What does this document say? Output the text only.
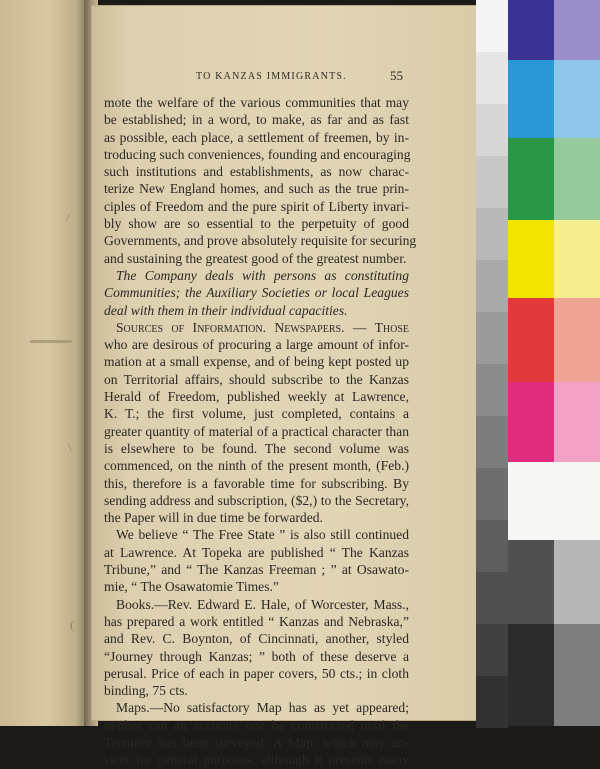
/
\
(
TO KANZAS IMMIGRANTS.	55
mote the welfare of the various communities that may
be established; in a word, to make, as far and as fast
as possible, each place, a settlement of freemen, by in-
troducing such conveniences, founding and encouraging
such institutions and establishments, as now charac-
terize New England homes, and such as the true prin-
ciples of Freedom and the pure spirit of Liberty invari-
bly show are so essential to the perpetuity of good
Governments, and prove absolutely requisite for securing
and sustaining the greatest good of the greatest number.
The Company deals with persons as constituting
Communities; the Auxiliary Societies or local Leagues
deal with them in their individual capacities.
Sources of Information. Newspapers. — Those
who are desirous of procuring a large amount of infor-
mation at a small expense, and of being kept posted up
on Territorial affairs, should subscribe to the Kanzas
Herald of Freedom, published weekly at Lawrence,
K. T.; the first volume, just completed, contains a
greater quantity of material of a practical character than
is elsewhere to be found. The second volume was
commenced, on the ninth of the present month, (Feb.)
this, therefore is a favorable time for subscribing. By
sending address and subscription, ($2,) to the Secretary,
the Paper will in due time be forwarded.
We believe “ The Free State ” is also still continued
at Lawrence. At Topeka are published “ The Kanzas
Tribune,” and “ The Kanzas Freeman ; ” at Osawato-
mie, “ The Osawatomie Times.”
Books.—Rev. Edward E. Hale, of Worcester, Mass.,
has prepared a work entitled “ Kanzas and Nebraska,”
and Rev. C. Boynton, of Cincinnati, another, styled
“Journey through Kanzas; ” both of these deserve a
perusal. Price of each in paper covers, 50 cts.; in cloth
binding, 75 cts.
Maps.—No satisfactory Map has as yet appeared;
neither can an accurate one be constructed until the
Territory has been surveyed. A Map, which may an-
swer for general purposes, although it presents many
